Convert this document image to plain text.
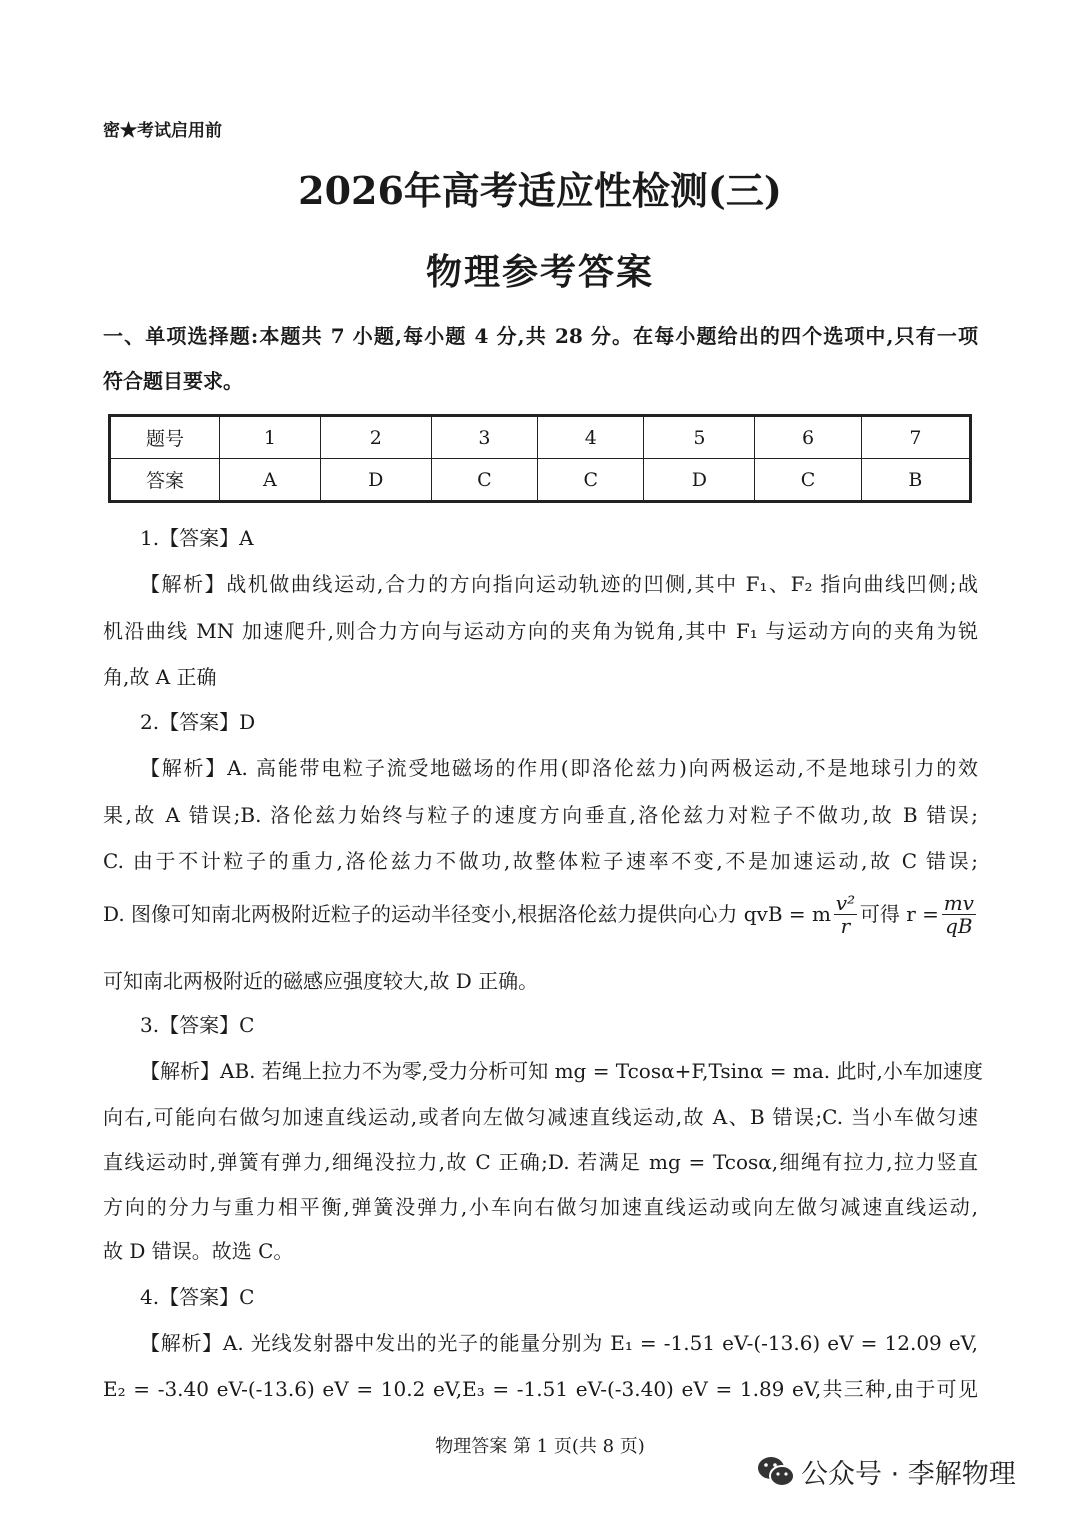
密★考试启用前
2026年高考适应性检测(三)
物理参考答案
一、单项选择题:本题共 7 小题,每小题 4 分,共 28 分。在每小题给出的四个选项中,只有一项
符合题目要求。
题号	1	2	3	4	5	6	7
答案	A	D	C	C	D	C	B
1.【答案】A
【解析】战机做曲线运动,合力的方向指向运动轨迹的凹侧,其中 F₁、F₂ 指向曲线凹侧;战
机沿曲线 MN 加速爬升,则合力方向与运动方向的夹角为锐角,其中 F₁ 与运动方向的夹角为锐
角,故 A 正确
2.【答案】D
【解析】A. 高能带电粒子流受地磁场的作用(即洛伦兹力)向两极运动,不是地球引力的效
果,故 A 错误;B. 洛伦兹力始终与粒子的速度方向垂直,洛伦兹力对粒子不做功,故 B 错误;
C. 由于不计粒子的重力,洛伦兹力不做功,故整体粒子速率不变,不是加速运动,故 C 错误;
D. 图像可知南北两极附近粒子的运动半径变小,根据洛伦兹力提供向心力 qvB = m $\frac{\text{v²}}{r}$ 可得 $r = \frac{mv}{qB}$
可知南北两极附近的磁感应强度较大,故 D 正确。
3.【答案】C
【解析】AB. 若绳上拉力不为零,受力分析可知 mg = Tcosα+F,Tsinα = ma. 此时,小车加速度
向右,可能向右做匀加速直线运动,或者向左做匀减速直线运动,故 A、B 错误;C. 当小车做匀速
直线运动时,弹簧有弹力,细绳没拉力,故 C 正确;D. 若满足 mg = Tcosα,细绳有拉力,拉力竖直
方向的分力与重力相平衡,弹簧没弹力,小车向右做匀加速直线运动或向左做匀减速直线运动,
故 D 错误。故选 C。
4.【答案】C
【解析】A. 光线发射器中发出的光子的能量分别为 E₁ = -1.51 eV-(-13.6) eV = 12.09 eV,
E₂ = -3.40 eV-(-13.6) eV = 10.2 eV,E₃ = -1.51 eV-(-3.40) eV = 1.89 eV,共三种,由于可见
物理答案 第 1 页(共 8 页)
公众号 · 李解物理
